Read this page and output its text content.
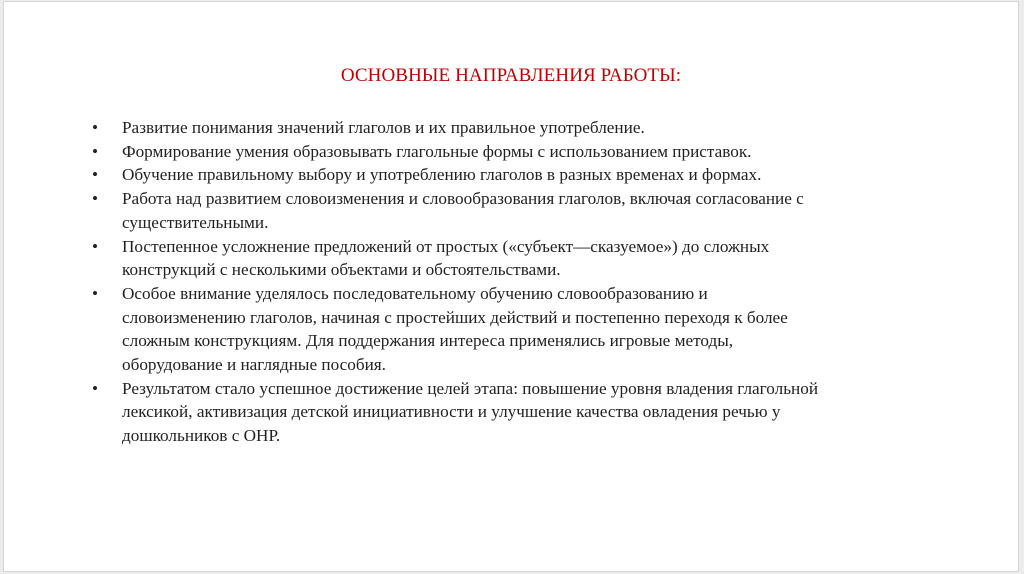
ОСНОВНЫЕ НАПРАВЛЕНИЯ РАБОТЫ:
•	Развитие понимания значений глаголов и их правильное употребление.
•	Формирование умения образовывать глагольные формы с использованием приставок.
•	Обучение правильному выбору и употреблению глаголов в разных временах и формах.
•	Работа над развитием словоизменения и словообразования глаголов, включая согласование с
существительными.
•	Постепенное усложнение предложений от простых («субъект—сказуемое») до сложных
конструкций с несколькими объектами и обстоятельствами.
•	Особое внимание уделялось последовательному обучению словообразованию и
словоизменению глаголов, начиная с простейших действий и постепенно переходя к более
сложным конструкциям. Для поддержания интереса применялись игровые методы,
оборудование и наглядные пособия.
•	Результатом стало успешное достижение целей этапа: повышение уровня владения глагольной
лексикой, активизация детской инициативности и улучшение качества овладения речью у
дошкольников с ОНР.
